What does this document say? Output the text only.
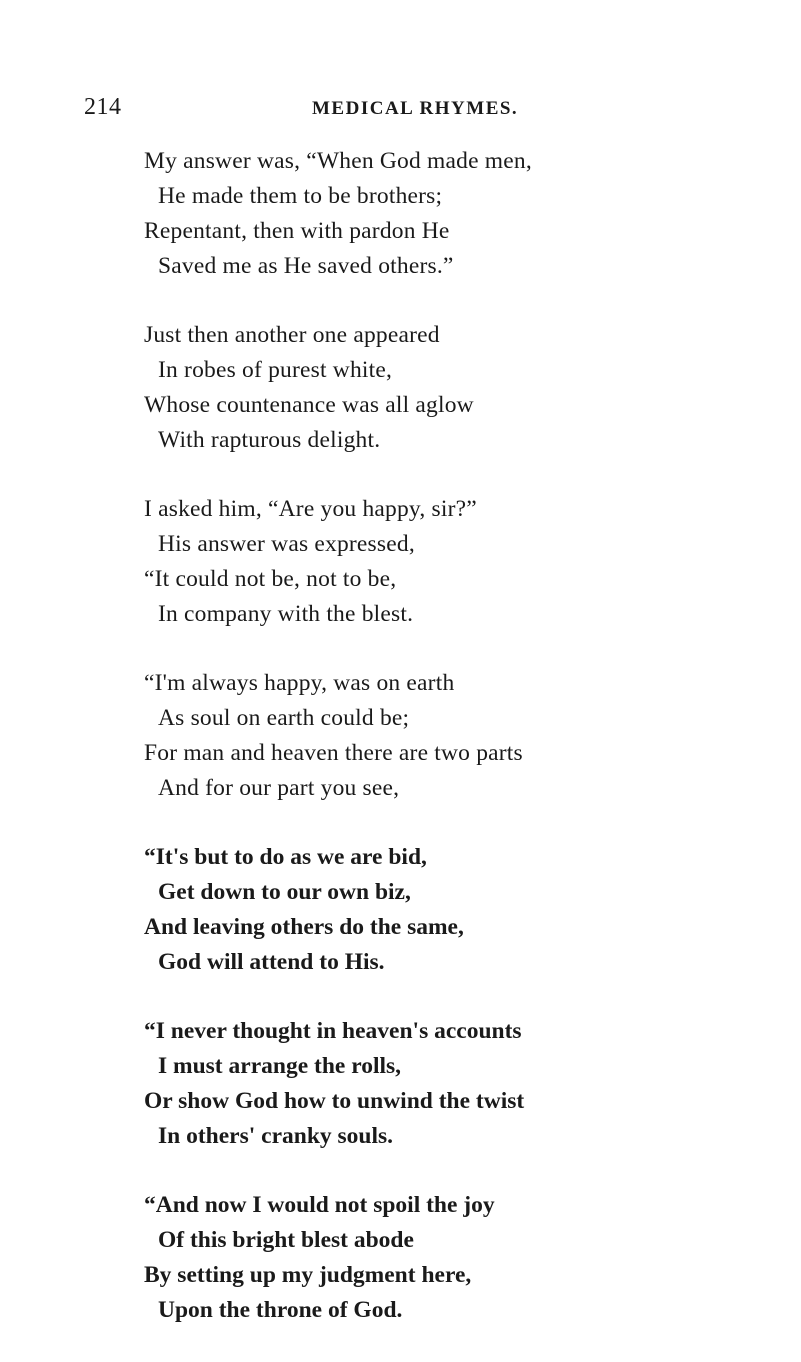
214	MEDICAL RHYMES.
My answer was, “When God made men,
He made them to be brothers;
Repentant, then with pardon He
Saved me as He saved others.”
Just then another one appeared
In robes of purest white,
Whose countenance was all aglow
With rapturous delight.
I asked him, “Are you happy, sir?”
His answer was expressed,
“It could not be, not to be,
In company with the blest.
“I'm always happy, was on earth
As soul on earth could be;
For man and heaven there are two parts
And for our part you see,
“It's but to do as we are bid,
Get down to our own biz,
And leaving others do the same,
God will attend to His.
“I never thought in heaven's accounts
I must arrange the rolls,
Or show God how to unwind the twist
In others' cranky souls.
“And now I would not spoil the joy
Of this bright blest abode
By setting up my judgment here,
Upon the throne of God.
